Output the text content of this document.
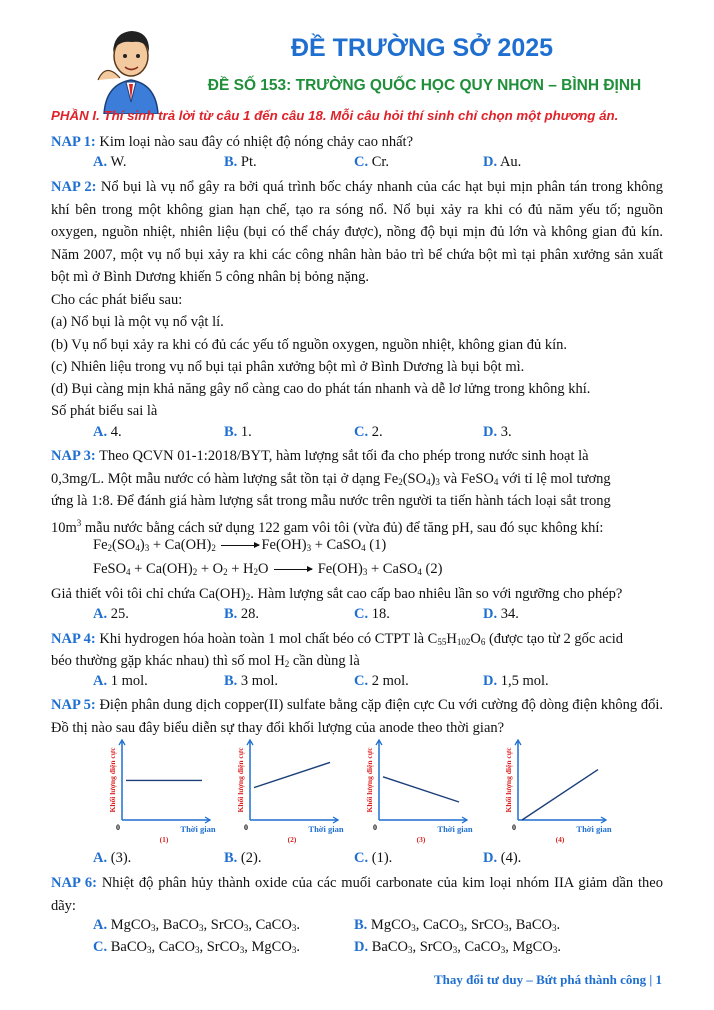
ĐỀ TRƯỜNG SỞ 2025
ĐỀ SỐ 153: TRƯỜNG QUỐC HỌC QUY NHƠN – BÌNH ĐỊNH
PHẦN I. Thí sinh trả lời từ câu 1 đến câu 18. Mỗi câu hỏi thí sinh chỉ chọn một phương án.
NAP 1: Kim loại nào sau đây có nhiệt độ nóng chảy cao nhất?
A. W.	B. Pt.	C. Cr.	D. Au.
NAP 2: Nổ bụi là vụ nổ gây ra bởi quá trình bốc cháy nhanh của các hạt bụi mịn phân tán trong không khí bên trong một không gian hạn chế, tạo ra sóng nổ. Nổ bụi xảy ra khi có đủ năm yếu tố; nguồn oxygen, nguồn nhiệt, nhiên liệu (bụi có thể cháy được), nồng độ bụi mịn đủ lớn và không gian đủ kín. Năm 2007, một vụ nổ bụi xảy ra khi các công nhân hàn bảo trì bể chứa bột mì tại phân xưởng sản xuất bột mì ở Bình Dương khiến 5 công nhân bị bỏng nặng.
Cho các phát biểu sau:
(a) Nổ bụi là một vụ nổ vật lí.
(b) Vụ nổ bụi xảy ra khi có đủ các yếu tố nguồn oxygen, nguồn nhiệt, không gian đủ kín.
(c) Nhiên liệu trong vụ nổ bụi tại phân xưởng bột mì ở Bình Dương là bụi bột mì.
(d) Bụi càng mịn khả năng gây nổ càng cao do phát tán nhanh và dễ lơ lửng trong không khí.
Số phát biểu sai là
A. 4.	B. 1.	C. 2.	D. 3.
NAP 3: Theo QCVN 01-1:2018/BYT, hàm lượng sắt tối đa cho phép trong nước sinh hoạt là
0,3mg/L. Một mẫu nước có hàm lượng sắt tồn tại ở dạng $Fe_2(SO_4)_3$ và FeSO$_4$ với tỉ lệ mol tương
ứng là 1:8. Để đánh giá hàm lượng sắt trong mẫu nước trên người ta tiến hành tách loại sắt trong
$10m^3$ mẫu nước bằng cách sử dụng 122 gam vôi tôi (vừa đủ) để tăng pH, sau đó sục không khí:
$Fe_2(SO_4)_3 + Ca(OH)_2$	$Fe(OH)_3$ + CaSO$_4$ (1)
FeSO$_4$ + $Ca(OH)_2 + O_2 + H_2O$	$Fe(OH)_3$ + CaSO$_4$ (2)
Giả thiết vôi tôi chỉ chứa $Ca(OH)_2$. Hàm lượng sắt cao cấp bao nhiêu lần so với ngưỡng cho phép?
A. 25.	B. 28.	C. 18.	D. 34.
NAP 4: Khi hydrogen hóa hoàn toàn 1 mol chất béo có CTPT là $C_{55}H_{102}O_6$ (được tạo từ 2 gốc acid
béo thường gặp khác nhau) thì số mol $H_2$ cần dùng là
A. 1 mol.	B. 3 mol.	C. 2 mol.	D. 1,5 mol.
NAP 5: Điện phân dung dịch copper(II) sulfate bằng cặp điện cực Cu với cường độ dòng điện không đổi. Đồ thị nào sau đây biểu diễn sự thay đổi khối lượng của anode theo thời gian?
0	Thời gian
Khối lượng điện cực
(1)
0	Thời gian
Khối lượng điện cực
(2)
0	Thời gian
Khối lượng điện cực
(3)
0	Thời gian
Khối lượng điện cực
(4)
A. (3).	B. (2).	C. (1).	D. (4).
NAP 6: Nhiệt độ phân hủy thành oxide của các muối carbonate của kim loại nhóm IIA giảm dần theo dãy:
A. MgCO$_3$, BaCO$_3$, SrCO$_3$, CaCO$_3$.	B. MgCO$_3$, CaCO$_3$, SrCO$_3$, BaCO$_3$.
C. BaCO$_3$, CaCO$_3$, SrCO$_3$, MgCO$_3$.	D. BaCO$_3$, SrCO$_3$, CaCO$_3$, MgCO$_3$.
Thay đổi tư duy – Bứt phá thành công | 1
